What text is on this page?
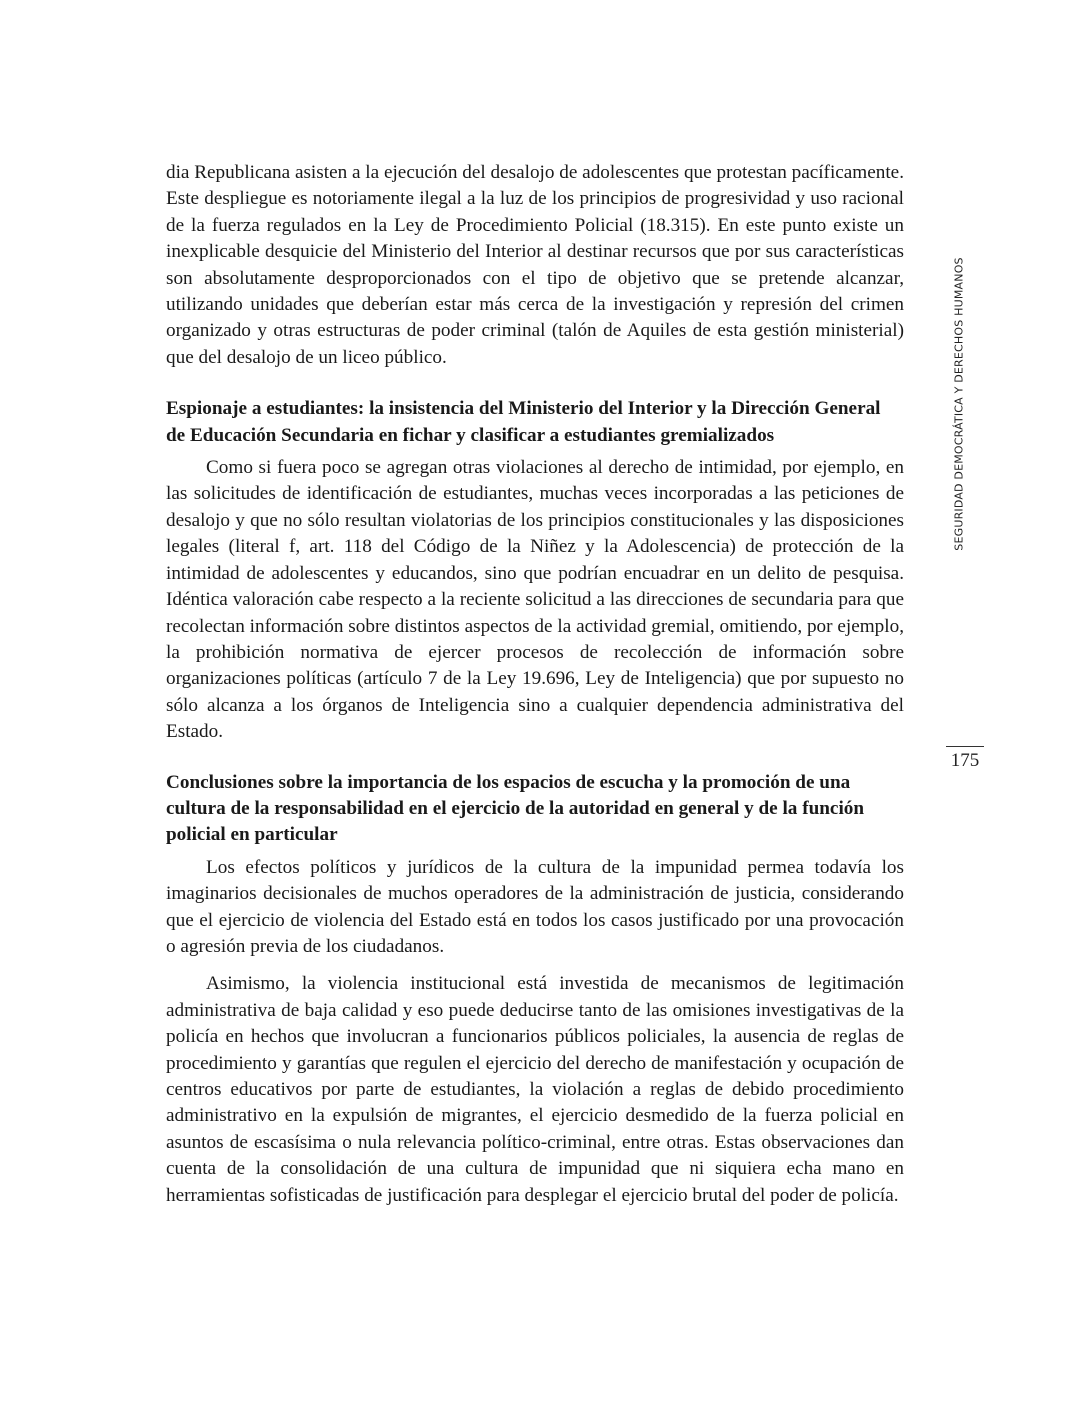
dia Republicana asisten a la ejecución del desalojo de adolescentes que protestan pacíficamente. Este despliegue es notoriamente ilegal a la luz de los principios de progresividad y uso racional de la fuerza regulados en la Ley de Procedimiento Policial (18.315). En este punto existe un inexplicable desquicie del Ministerio del Interior al destinar recursos que por sus características son absolutamente desproporcionados con el tipo de objetivo que se pretende alcanzar, utilizando unidades que deberían estar más cerca de la investigación y represión del crimen organizado y otras estructuras de poder criminal (talón de Aquiles de esta gestión ministerial) que del desalojo de un liceo público.

Espionaje a estudiantes: la insistencia del Ministerio del Interior y la Dirección General de Educación Secundaria en fichar y clasificar a estudiantes gremializados

Como si fuera poco se agregan otras violaciones al derecho de intimidad, por ejemplo, en las solicitudes de identificación de estudiantes, muchas veces incorporadas a las peticiones de desalojo y que no sólo resultan violatorias de los principios constitucionales y las disposiciones legales (literal f, art. 118 del Código de la Niñez y la Adolescencia) de protección de la intimidad de adolescentes y educandos, sino que podrían encuadrar en un delito de pesquisa. Idéntica valoración cabe respecto a la reciente solicitud a las direcciones de secundaria para que recolectan información sobre distintos aspectos de la actividad gremial, omitiendo, por ejemplo, la prohibición normativa de ejercer procesos de recolección de información sobre organizaciones políticas (artículo 7 de la Ley 19.696, Ley de Inteligencia) que por supuesto no sólo alcanza a los órganos de Inteligencia sino a cualquier dependencia administrativa del Estado.

Conclusiones sobre la importancia de los espacios de escucha y la promoción de una cultura de la responsabilidad en el ejercicio de la autoridad en general y de la función policial en particular

Los efectos políticos y jurídicos de la cultura de la impunidad permea todavía los imaginarios decisionales de muchos operadores de la administración de justicia, considerando que el ejercicio de violencia del Estado está en todos los casos justificado por una provocación o agresión previa de los ciudadanos.

Asimismo, la violencia institucional está investida de mecanismos de legitimación administrativa de baja calidad y eso puede deducirse tanto de las omisiones investigativas de la policía en hechos que involucran a funcionarios públicos policiales, la ausencia de reglas de procedimiento y garantías que regulen el ejercicio del derecho de manifestación y ocupación de centros educativos por parte de estudiantes, la violación a reglas de debido procedimiento administrativo en la expulsión de migrantes, el ejercicio desmedido de la fuerza policial en asuntos de escasísima o nula relevancia político-criminal, entre otras. Estas observaciones dan cuenta de la consolidación de una cultura de impunidad que ni siquiera echa mano en herramientas sofisticadas de justificación para desplegar el ejercicio brutal del poder de policía.

SEGURIDAD DEMOCRÁTICA Y DERECHOS HUMANOS
175
